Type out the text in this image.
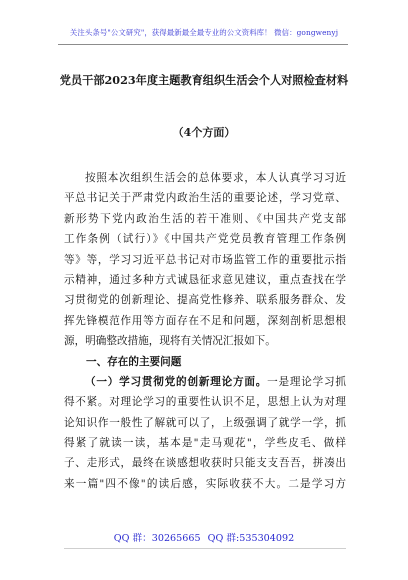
关注头条号"公文研究"，获得最新最全最专业的公文资料库！ 微信：gongwenyj
党员干部2023年度主题教育组织生活会个人对照检查材料
（4个方面）
按照本次组织生活会的总体要求，本人认真学习习近
平总书记关于严肃党内政治生活的重要论述，学习党章、
新形势下党内政治生活的若干准则、《中国共产党支部
工作条例（试行）》《中国共产党党员教育管理工作条例
等》等，学习习近平总书记对市场监管工作的重要批示指
示精神，通过多种方式诚恳征求意见建议，重点查找在学
习贯彻党的创新理论、提高党性修养、联系服务群众、发
挥先锋模范作用等方面存在不足和问题，深刻剖析思想根
源，明确整改措施，现将有关情况汇报如下。
一、存在的主要问题
（一）学习贯彻党的创新理论方面。一是理论学习抓
得不紧。对理论学习的重要性认识不足，思想上认为对理
论知识作一般性了解就可以了，上级强调了就学一学，抓
得紧了就读一读，基本是"走马观花"，学些皮毛、做样
子、走形式，最终在谈感想收获时只能支支吾吾，拼凑出
来一篇"四不像"的读后感，实际收获不大。二是学习方
QQ 群：30265665 QQ 群:535304092
